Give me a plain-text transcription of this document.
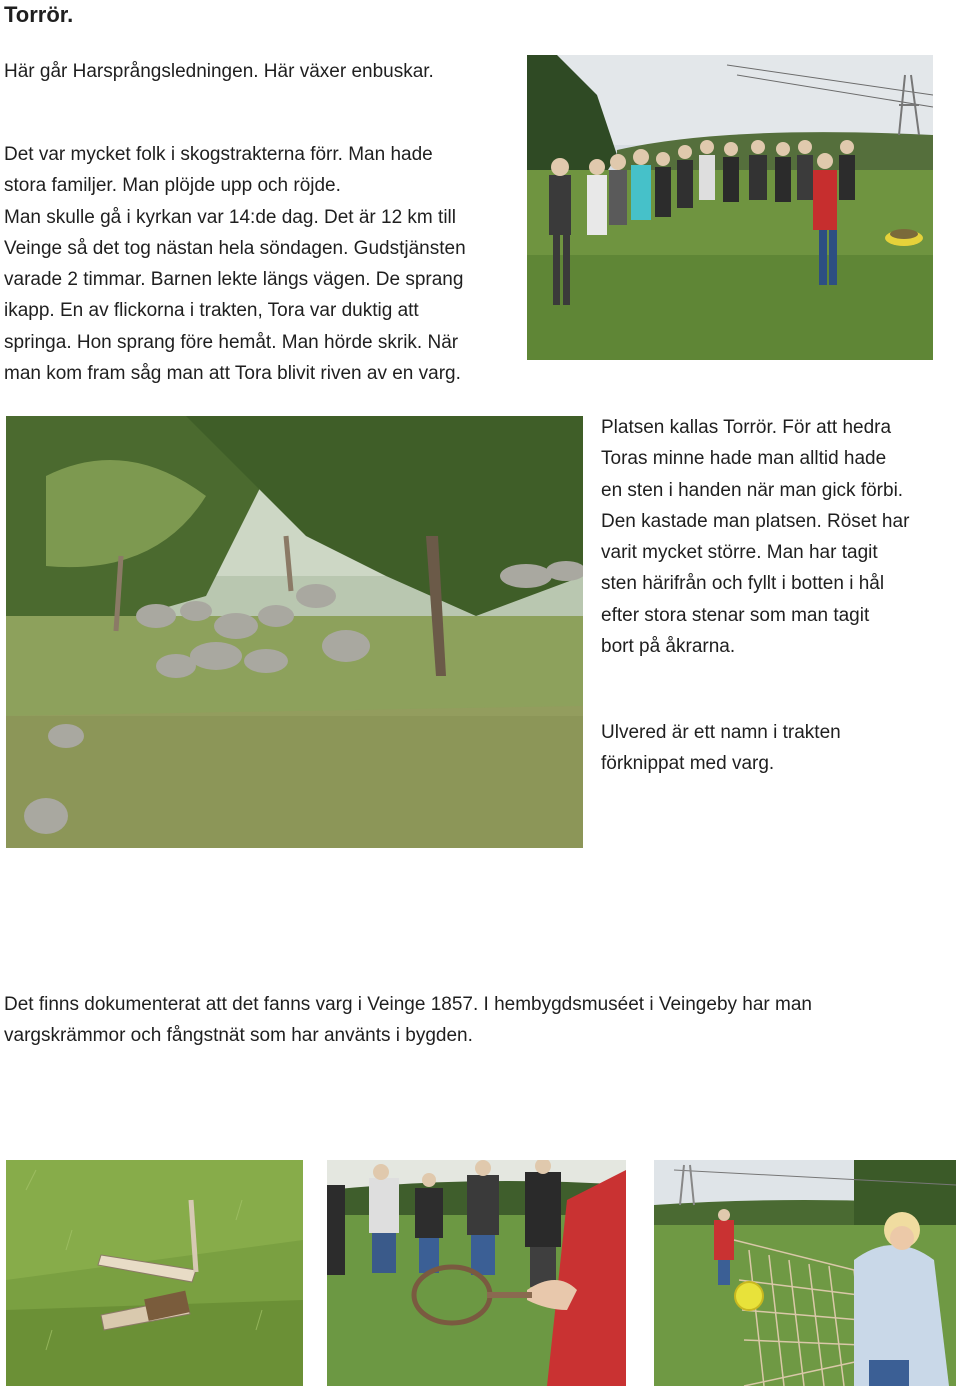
Torrör.
Här går Harsprångsledningen. Här växer enbuskar.
Det var mycket folk i skogstrakterna förr. Man hade
stora familjer. Man plöjde upp och röjde.
Man skulle gå i kyrkan var 14:de dag. Det är 12 km till
Veinge så det tog nästan hela söndagen. Gudstjänsten
varade 2 timmar. Barnen lekte längs vägen. De sprang
ikapp. En av flickorna i trakten, Tora var duktig att
springa. Hon sprang före hemåt. Man hörde skrik. När
man kom fram såg man att Tora blivit riven av en varg.
Platsen kallas Torrör. För att hedra
Toras minne hade man alltid hade
en sten i handen när man gick förbi.
Den kastade man platsen. Röset har
varit mycket större. Man har tagit
sten härifrån och fyllt i botten i hål
efter stora stenar som man tagit
bort på åkrarna.
Ulvered är ett namn i trakten
förknippat med varg.
Det finns dokumenterat att det fanns varg i Veinge 1857. I hembygdsmuséet i Veingeby har man
vargskrämmor och fångstnät som har använts i bygden.
